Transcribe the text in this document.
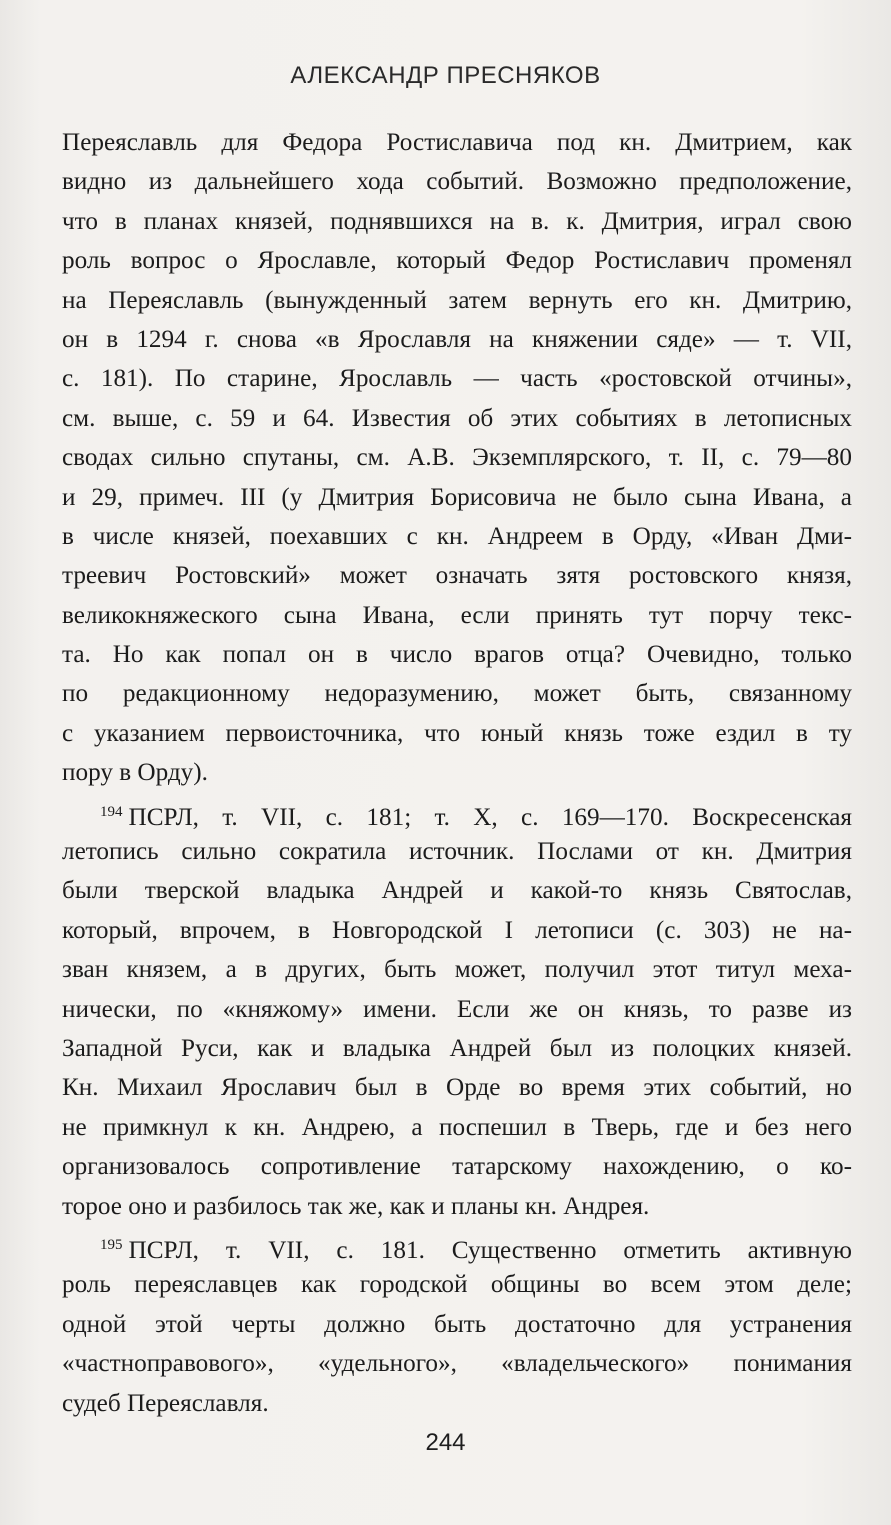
АЛЕКСАНДР ПРЕСНЯКОВ
Переяславль для Федора Ростиславича под кн. Дмитрием, как
видно из дальнейшего хода событий. Возможно предположение,
что в планах князей, поднявшихся на в. к. Дмитрия, играл свою
роль вопрос о Ярославле, который Федор Ростиславич променял
на Переяславль (вынужденный затем вернуть его кн. Дмитрию,
он в 1294 г. снова «в Ярославля на княжении сяде» — т. VII,
с. 181). По старине, Ярославль — часть «ростовской отчины»,
см. выше, с. 59 и 64. Известия об этих событиях в летописных
сводах сильно спутаны, см. А.В. Экземплярского, т. II, с. 79—80
и 29, примеч. III (у Дмитрия Борисовича не было сына Ивана, а
в числе князей, поехавших с кн. Андреем в Орду, «Иван Дми-
треевич Ростовский» может означать зятя ростовского князя,
великокняжеского сына Ивана, если принять тут порчу текс-
та. Но как попал он в число врагов отца? Очевидно, только
по редакционному недоразумению, может быть, связанному
с указанием первоисточника, что юный князь тоже ездил в ту
пору в Орду).
$^{194}$ ПСРЛ, т. VII, с. 181; т. X, с. 169—170. Воскресенская
летопись сильно сократила источник. Послами от кн. Дмитрия
были тверской владыка Андрей и какой-то князь Святослав,
который, впрочем, в Новгородской I летописи (с. 303) не на-
зван князем, а в других, быть может, получил этот титул меха-
нически, по «княжому» имени. Если же он князь, то разве из
Западной Руси, как и владыка Андрей был из полоцких князей.
Кн. Михаил Ярославич был в Орде во время этих событий, но
не примкнул к кн. Андрею, а поспешил в Тверь, где и без него
организовалось сопротивление татарскому нахождению, о ко-
торое оно и разбилось так же, как и планы кн. Андрея.
$^{195}$ ПСРЛ, т. VII, с. 181. Существенно отметить активную
роль переяславцев как городской общины во всем этом деле;
одной этой черты должно быть достаточно для устранения
«частноправового», «удельного», «владельческого» понимания
судеб Переяславля.
244
